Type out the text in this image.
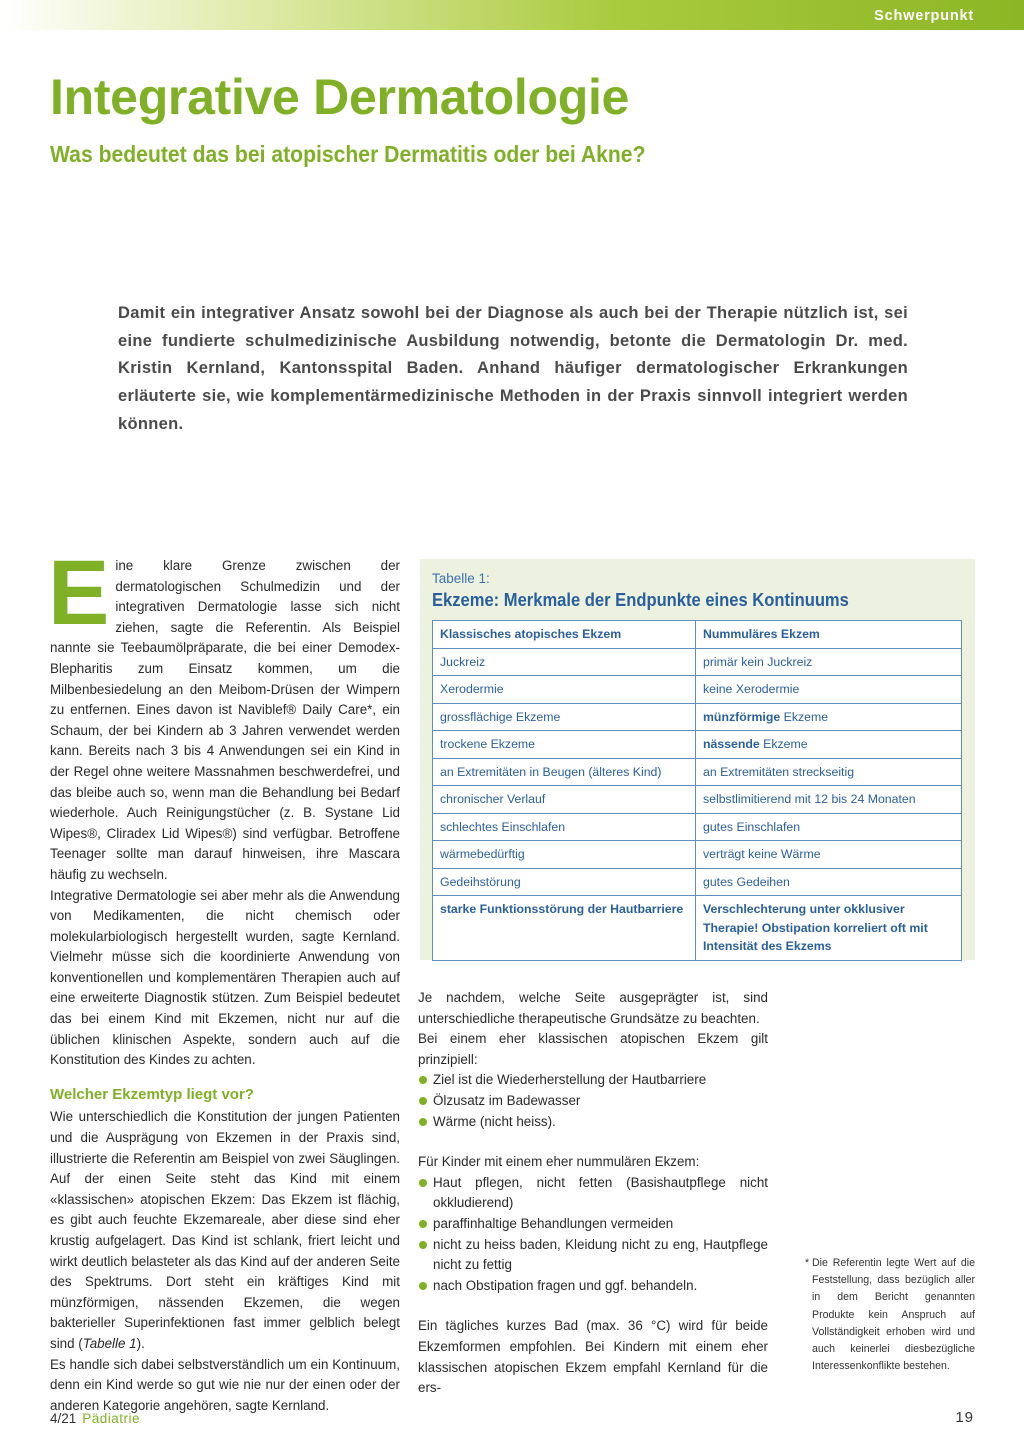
Schwerpunkt
Integrative Dermatologie
Was bedeutet das bei atopischer Dermatitis oder bei Akne?

Damit ein integrativer Ansatz sowohl bei der Diagnose als auch bei der Therapie nützlich ist, sei eine fundierte schulmedizinische Ausbildung notwendig, betonte die Dermatologin Dr. med. Kristin Kernland, Kantonsspital Baden. Anhand häufiger dermatologischer Erkrankungen erläuterte sie, wie komplementärmedizinische Methoden in der Praxis sinnvoll integriert werden können.

Eine klare Grenze zwischen der dermatologischen Schulmedizin und der integrativen Dermatologie lasse sich nicht ziehen, sagte die Referentin. Als Beispiel nannte sie Teebaumölpräparate, die bei einer Demodex-Blepharitis zum Einsatz kommen, um die Milbenbesiedelung an den Meibom-Drüsen der Wimpern zu entfernen. Eines davon ist Naviblef® Daily Care*, ein Schaum, der bei Kindern ab 3 Jahren verwendet werden kann. Bereits nach 3 bis 4 Anwendungen sei ein Kind in der Regel ohne weitere Massnahmen beschwerdefrei, und das bleibe auch so, wenn man die Behandlung bei Bedarf wiederhole. Auch Reinigungstücher (z. B. Systane Lid Wipes®, Cliradex Lid Wipes®) sind verfügbar. Betroffene Teenager sollte man darauf hinweisen, ihre Mascara häufig zu wechseln.

Integrative Dermatologie sei aber mehr als die Anwendung von Medikamenten, die nicht chemisch oder molekularbiologisch hergestellt wurden, sagte Kernland. Vielmehr müsse sich die koordinierte Anwendung von konventionellen und komplementären Therapien auch auf eine erweiterte Diagnostik stützen. Zum Beispiel bedeutet das bei einem Kind mit Ekzemen, nicht nur auf die üblichen klinischen Aspekte, sondern auch auf die Konstitution des Kindes zu achten.

Welcher Ekzemtyp liegt vor?

Wie unterschiedlich die Konstitution der jungen Patienten und die Ausprägung von Ekzemen in der Praxis sind, illustrierte die Referentin am Beispiel von zwei Säuglingen. Auf der einen Seite steht das Kind mit einem «klassischen» atopischen Ekzem: Das Ekzem ist flächig, es gibt auch feuchte Ekzemareale, aber diese sind eher krustig aufgelagert. Das Kind ist schlank, friert leicht und wirkt deutlich belasteter als das Kind auf der anderen Seite des Spektrums. Dort steht ein kräftiges Kind mit münzförmigen, nässenden Ekzemen, die wegen bakterieller Superinfektionen fast immer gelblich belegt sind (Tabelle 1).

Es handle sich dabei selbstverständlich um ein Kontinuum, denn ein Kind werde so gut wie nie nur der einen oder der anderen Kategorie angehören, sagte Kernland.

Tabelle 1:
Ekzeme: Merkmale der Endpunkte eines Kontinuums
Klassisches atopisches Ekzem	Nummuläres Ekzem
Juckreiz	primär kein Juckreiz
Xerodermie	keine Xerodermie
grossflächige Ekzeme	münzförmige Ekzeme
trockene Ekzeme	nässende Ekzeme
an Extremitäten in Beugen (älteres Kind)	an Extremitäten streckseitig
chronischer Verlauf	selbstlimitierend mit 12 bis 24 Monaten
schlechtes Einschlafen	gutes Einschlafen
wärmebedürftig	verträgt keine Wärme
Gedeihstörung	gutes Gedeihen
starke Funktionsstörung der Hautbarriere	Verschlechterung unter okklusiver Therapie! Obstipation korreliert oft mit Intensität des Ekzems

Je nachdem, welche Seite ausgeprägter ist, sind unterschiedliche therapeutische Grundsätze zu beachten.

Bei einem eher klassischen atopischen Ekzem gilt prinzipiell:

Ziel ist die Wiederherstellung der Hautbarriere
Ölzusatz im Badewasser
Wärme (nicht heiss).

Für Kinder mit einem eher nummulären Ekzem:

Haut pflegen, nicht fetten (Basishautpflege nicht okkludierend)
paraffinhaltige Behandlungen vermeiden
nicht zu heiss baden, Kleidung nicht zu eng, Hautpflege nicht zu fettig
nach Obstipation fragen und ggf. behandeln.

Ein tägliches kurzes Bad (max. 36 °C) wird für beide Ekzemformen empfohlen. Bei Kindern mit einem eher klassischen atopischen Ekzem empfahl Kernland für die ers-

* Die Referentin legte Wert auf die Feststellung, dass bezüglich aller in dem Bericht genannten Produkte kein Anspruch auf Vollständigkeit erhoben wird und auch keinerlei diesbezügliche Interessenkonflikte bestehen.
4/21 Pädiatrie	19
